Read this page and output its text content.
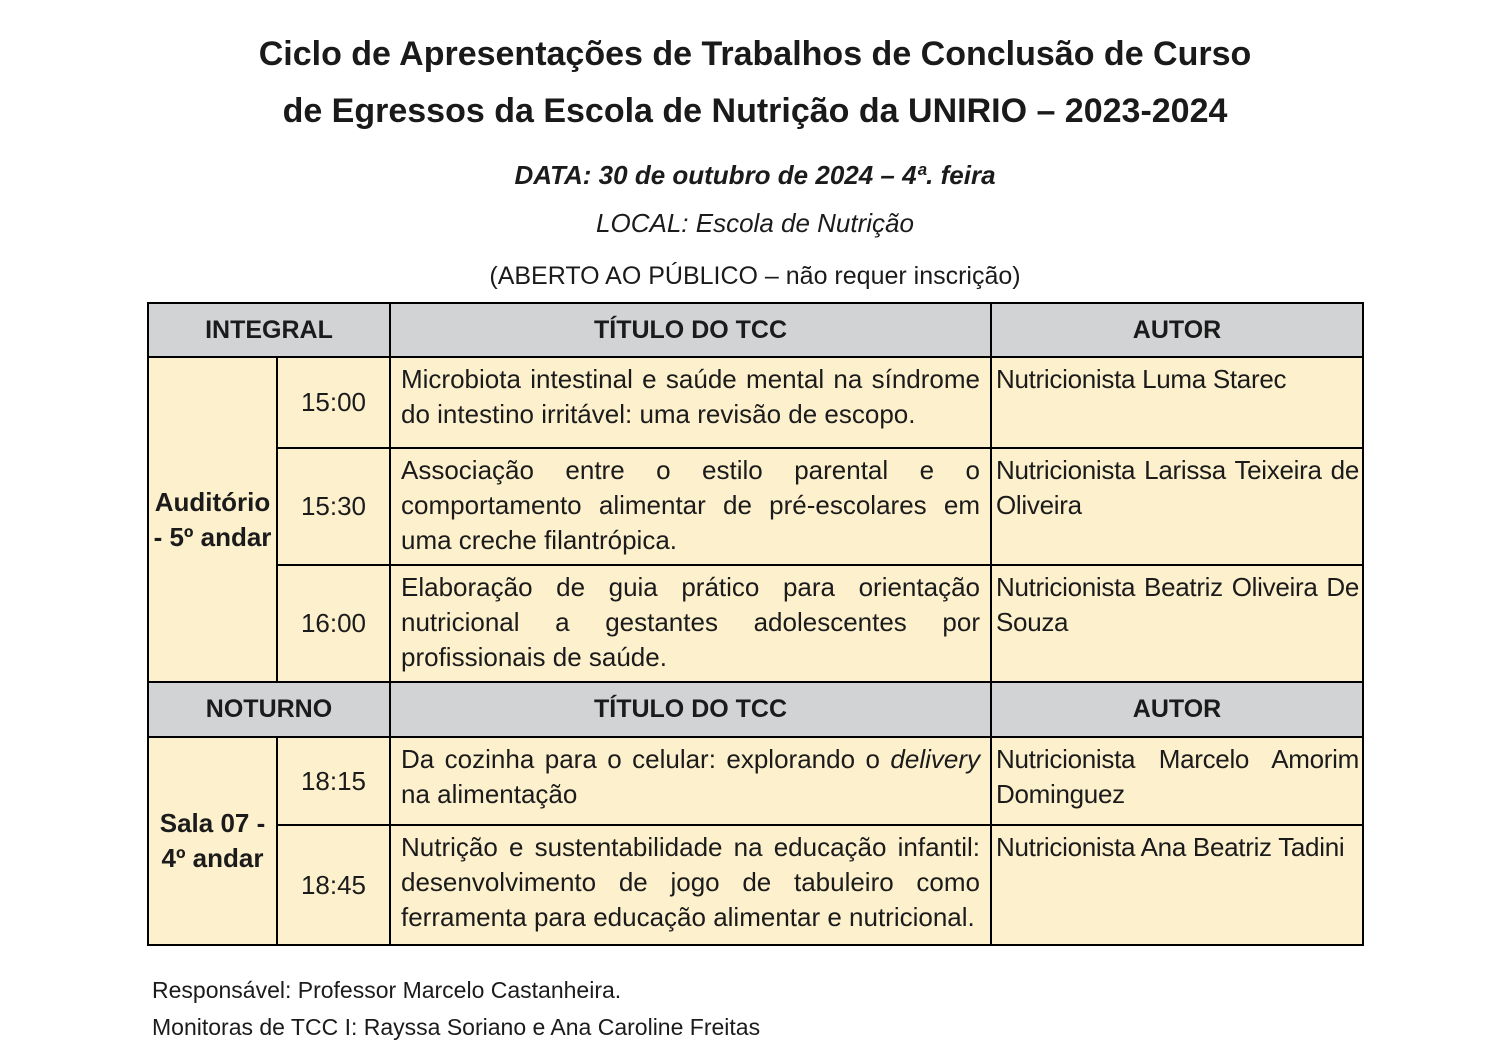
Ciclo de Apresentações de Trabalhos de Conclusão de Curso
de Egressos da Escola de Nutrição da UNIRIO – 2023-2024
DATA: 30 de outubro de 2024 – 4ª. feira
LOCAL: Escola de Nutrição
(ABERTO AO PÚBLICO – não requer inscrição)
INTEGRAL		TÍTULO DO TCC	AUTOR
Auditório - 5º andar	15:00	Microbiota intestinal e saúde mental na síndrome do intestino irritável: uma revisão de escopo.	Nutricionista Luma Starec
	15:30	Associação entre o estilo parental e o comportamento alimentar de pré-escolares em uma creche filantrópica.	Nutricionista Larissa Teixeira de Oliveira
	16:00	Elaboração de guia prático para orientação nutricional a gestantes adolescentes por profissionais de saúde.	Nutricionista Beatriz Oliveira De Souza
NOTURNO		TÍTULO DO TCC	AUTOR
Sala 07 - 4º andar	18:15	Da cozinha para o celular: explorando o delivery na alimentação	Nutricionista Marcelo Amorim Dominguez
	18:45	Nutrição e sustentabilidade na educação infantil: desenvolvimento de jogo de tabuleiro como ferramenta para educação alimentar e nutricional.	Nutricionista Ana Beatriz Tadini
Responsável: Professor Marcelo Castanheira.
Monitoras de TCC I: Rayssa Soriano e Ana Caroline Freitas
